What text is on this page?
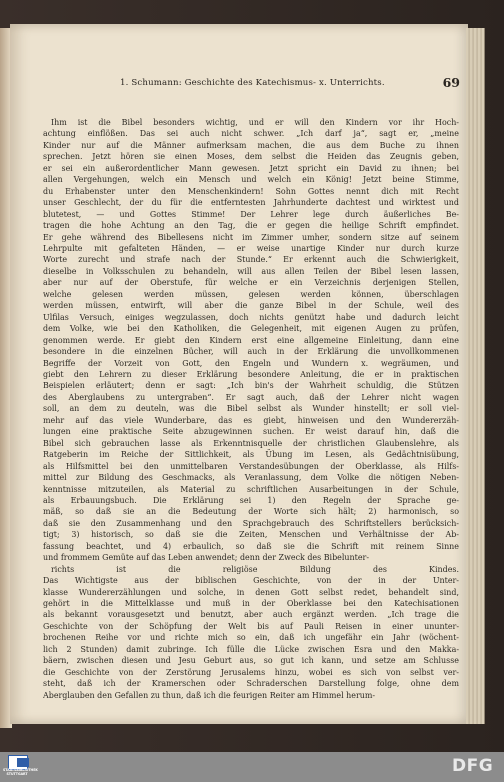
1. Schumann: Geschichte des Katechismus- x. Unterrichts.	69
Ihm ist die Bibel besonders wichtig, und er will den Kindern vor ihr Hoch-
achtung einflößen. Das sei auch nicht schwer. „Ich darf ja“, sagt er, „meine
Kinder nur auf die Männer aufmerksam machen, die aus dem Buche zu ihnen
sprechen. Jetzt hören sie einen Moses, dem selbst die Heiden das Zeugnis geben,
er sei ein außerordentlicher Mann gewesen. Jetzt spricht ein David zu ihnen; bei
allen Vergehungen, welch ein Mensch und welch ein König! Jetzt beine Stimme,
du Erhabenster unter den Menschenkindern! Sohn Gottes nennt dich mit Recht
unser Geschlecht, der du für die entferntesten Jahrhunderte dachtest und wirktest und
blutetest, — und Gottes Stimme! Der Lehrer lege durch äußerliches Be-
tragen die hohe Achtung an den Tag, die er gegen die heilige Schrift empfindet.
Er gehe während des Bibellesens nicht im Zimmer umher, sondern sitze auf seinem
Lehrpulte mit gefalteten Händen, — er weise unartige Kinder nur durch kurze
Worte zurecht und strafe nach der Stunde.“ Er erkennt auch die Schwierigkeit,
dieselbe in Volksschulen zu behandeln, will aus allen Teilen der Bibel lesen lassen,
aber nur auf der Oberstufe, für welche er ein Verzeichnis derjenigen Stellen,
welche gelesen werden müssen, gelesen werden können, überschlagen
werden müssen, entwirft, will aber die ganze Bibel in der Schule, weil des
Ulfilas Versuch, einiges wegzulassen, doch nichts genützt habe und dadurch leicht
dem Volke, wie bei den Katholiken, die Gelegenheit, mit eigenen Augen zu prüfen,
genommen werde. Er giebt den Kindern erst eine allgemeine Einleitung, dann eine
besondere in die einzelnen Bücher, will auch in der Erklärung die unvollkommenen
Begriffe der Vorzeit von Gott, den Engeln und Wundern x. wegräumen, und
giebt den Lehrern zu dieser Erklärung besondere Anleitung, die er in praktischen
Beispielen erläutert; denn er sagt: „Ich bin's der Wahrheit schuldig, die Stützen
des Aberglaubens zu untergraben“. Er sagt auch, daß der Lehrer nicht wagen
soll, an dem zu deuteln, was die Bibel selbst als Wunder hinstellt; er soll viel-
mehr auf das viele Wunderbare, das es giebt, hinweisen und den Wundererzäh-
lungen eine praktische Seite abzugewinnen suchen. Er weist darauf hin, daß die
Bibel sich gebrauchen lasse als Erkenntnisquelle der christlichen Glaubenslehre, als
Ratgeberin im Reiche der Sittlichkeit, als Übung im Lesen, als Gedächtnisübung,
als Hilfsmittel bei den unmittelbaren Verstandesübungen der Oberklasse, als Hilfs-
mittel zur Bildung des Geschmacks, als Veranlassung, dem Volke die nötigen Neben-
kenntnisse mitzuteilen, als Material zu schriftlichen Ausarbeitungen in der Schule,
als Erbauungsbuch. Die Erklärung sei 1) den Regeln der Sprache ge-
mäß, so daß sie an die Bedeutung der Worte sich hält; 2) harmonisch, so
daß sie den Zusammenhang und den Sprachgebrauch des Schriftstellers berücksich-
tigt; 3) historisch, so daß sie die Zeiten, Menschen und Verhältnisse der Ab-
fassung beachtet, und 4) erbaulich, so daß sie die Schrift mit reinem Sinne
und frommem Gemüte auf das Leben anwendet; denn der Zweck des Bibelunter-
richts ist die religiöse Bildung des Kindes.
Das Wichtigste aus der biblischen Geschichte, von der in der Unter-
klasse Wundererzählungen und solche, in denen Gott selbst redet, behandelt sind,
gehört in die Mittelklasse und muß in der Oberklasse bei den Katechisationen
als bekannt vorausgesetzt und benutzt, aber auch ergänzt werden. „Ich trage die
Geschichte von der Schöpfung der Welt bis auf Pauli Reisen in einer ununter-
brochenen Reihe vor und richte mich so ein, daß ich ungefähr ein Jahr (wöchent-
lich 2 Stunden) damit zubringe. Ich fülle die Lücke zwischen Esra und den Makka-
bäern, zwischen diesen und Jesu Geburt aus, so gut ich kann, und setze am Schlusse
die Geschichte von der Zerstörung Jerusalems hinzu, wobei es sich von selbst ver-
steht, daß ich der Kramerschen oder Schraderschen Darstellung folge, ohne dem
Aberglauben den Gefallen zu thun, daß ich die feurigen Reiter am Himmel herum-
STAATSBIBLIOTHEK STUTTGART	DFG
